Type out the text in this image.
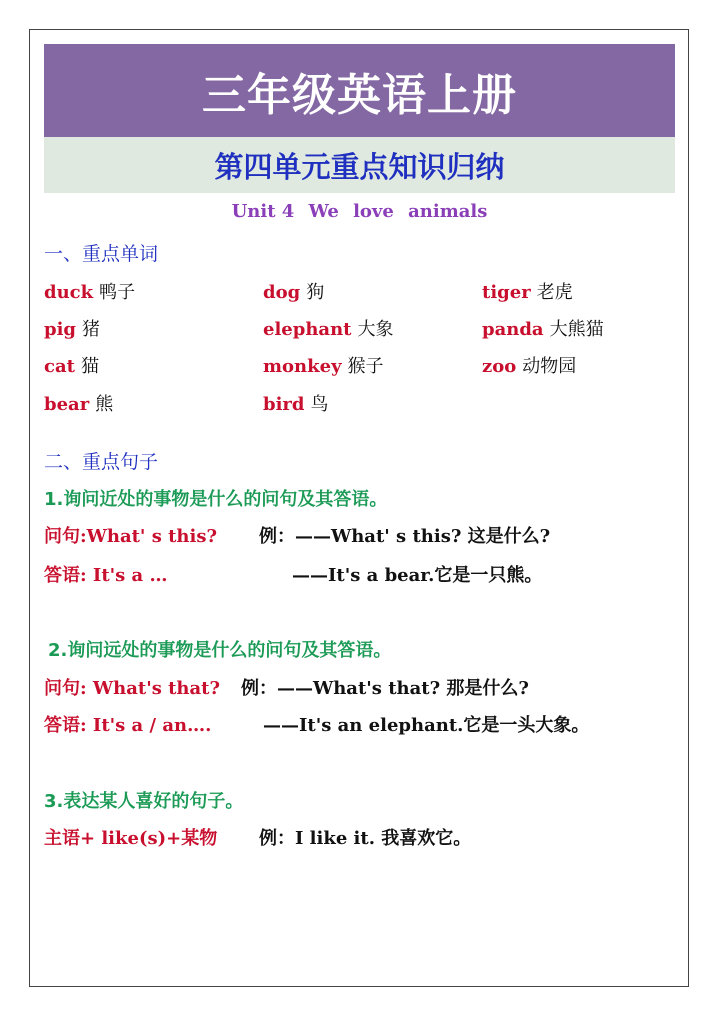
三年级英语上册
第四单元重点知识归纳
Unit 4 We love animals
一、重点单词
duck 鸭子	dog 狗	tiger 老虎
pig 猪	elephant 大象	panda 大熊猫
cat 猫	monkey 猴子	zoo 动物园
bear 熊	bird 鸟
二、重点句子
1.询问近处的事物是什么的问句及其答语。
问句:What' s this? 例：——What' s this? 这是什么?
答语: It's a …	——It's a bear.它是一只熊。
2.询问远处的事物是什么的问句及其答语。
问句: What's that? 例：——What's that? 那是什么?
答语: It's a / an….	——It's an elephant.它是一头大象。
3.表达某人喜好的句子。
主语+ like(s)+某物 例：I like it. 我喜欢它。
